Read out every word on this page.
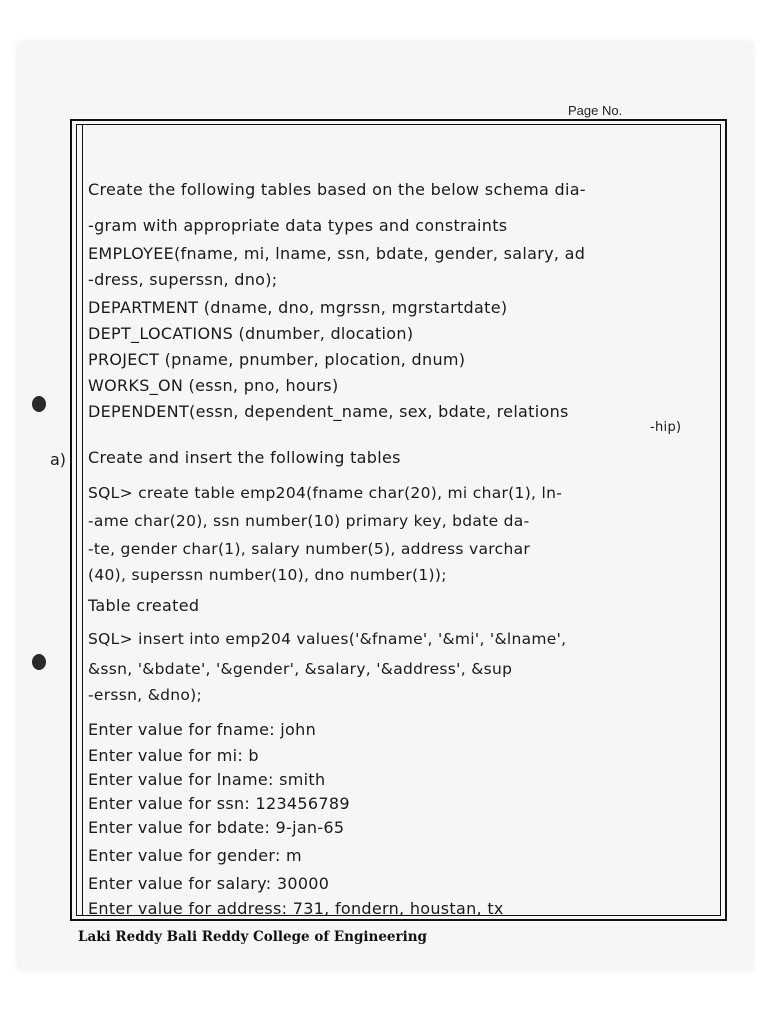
Page No.
a)
Create the following tables based on the below schema dia-
-gram with appropriate data types and constraints
EMPLOYEE(fname, mi, lname, ssn, bdate, gender, salary, ad
-dress, superssn, dno);
DEPARTMENT (dname, dno, mgrssn, mgrstartdate)
DEPT_LOCATIONS (dnumber, dlocation)
PROJECT (pname, pnumber, plocation, dnum)
WORKS_ON (essn, pno, hours)
DEPENDENT(essn, dependent_name, sex, bdate, relations
-hip)
Create and insert the following tables
SQL> create table emp204(fname char(20), mi char(1), ln-
-ame char(20), ssn number(10) primary key, bdate da-
-te, gender char(1), salary number(5), address varchar
(40), superssn number(10), dno number(1));
Table created
SQL> insert into emp204 values('&fname', '&mi', '&lname',
&ssn, '&bdate', '&gender', &salary, '&address', &sup
-erssn, &dno);
Enter value for fname: john
Enter value for mi: b
Enter value for lname: smith
Enter value for ssn: 123456789
Enter value for bdate: 9-jan-65
Enter value for gender: m
Enter value for salary: 30000
Enter value for address: 731, fondern, houstan, tx
Laki Reddy Bali Reddy College of Engineering
